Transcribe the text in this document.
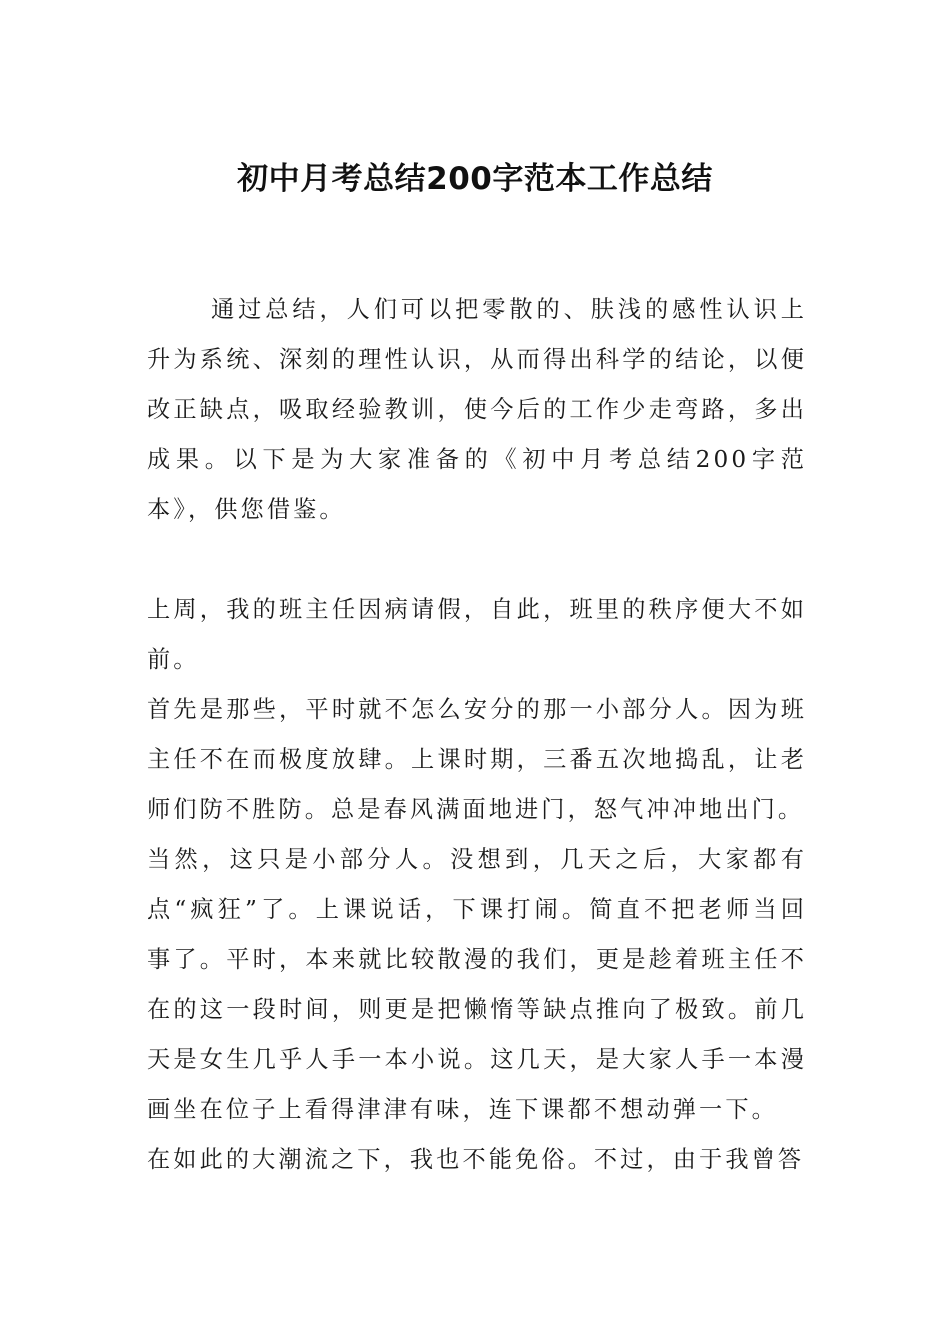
初中月考总结200字范本工作总结

通过总结，人们可以把零散的、肤浅的感性认识上升为系统、深刻的理性认识，从而得出科学的结论，以便改正缺点，吸取经验教训，使今后的工作少走弯路，多出成果。以下是为大家准备的《初中月考总结200字范本》，供您借鉴。

上周，我的班主任因病请假，自此，班里的秩序便大不如前。

首先是那些，平时就不怎么安分的那一小部分人。因为班主任不在而极度放肆。上课时期，三番五次地捣乱，让老师们防不胜防。总是春风满面地进门，怒气冲冲地出门。

当然，这只是小部分人。没想到，几天之后，大家都有点“疯狂”了。上课说话，下课打闹。简直不把老师当回事了。平时，本来就比较散漫的我们，更是趁着班主任不在的这一段时间，则更是把懒惰等缺点推向了极致。前几天是女生几乎人手一本小说。这几天，是大家人手一本漫画坐在位子上看得津津有味，连下课都不想动弹一下。

在如此的大潮流之下，我也不能免俗。不过，由于我曾答
